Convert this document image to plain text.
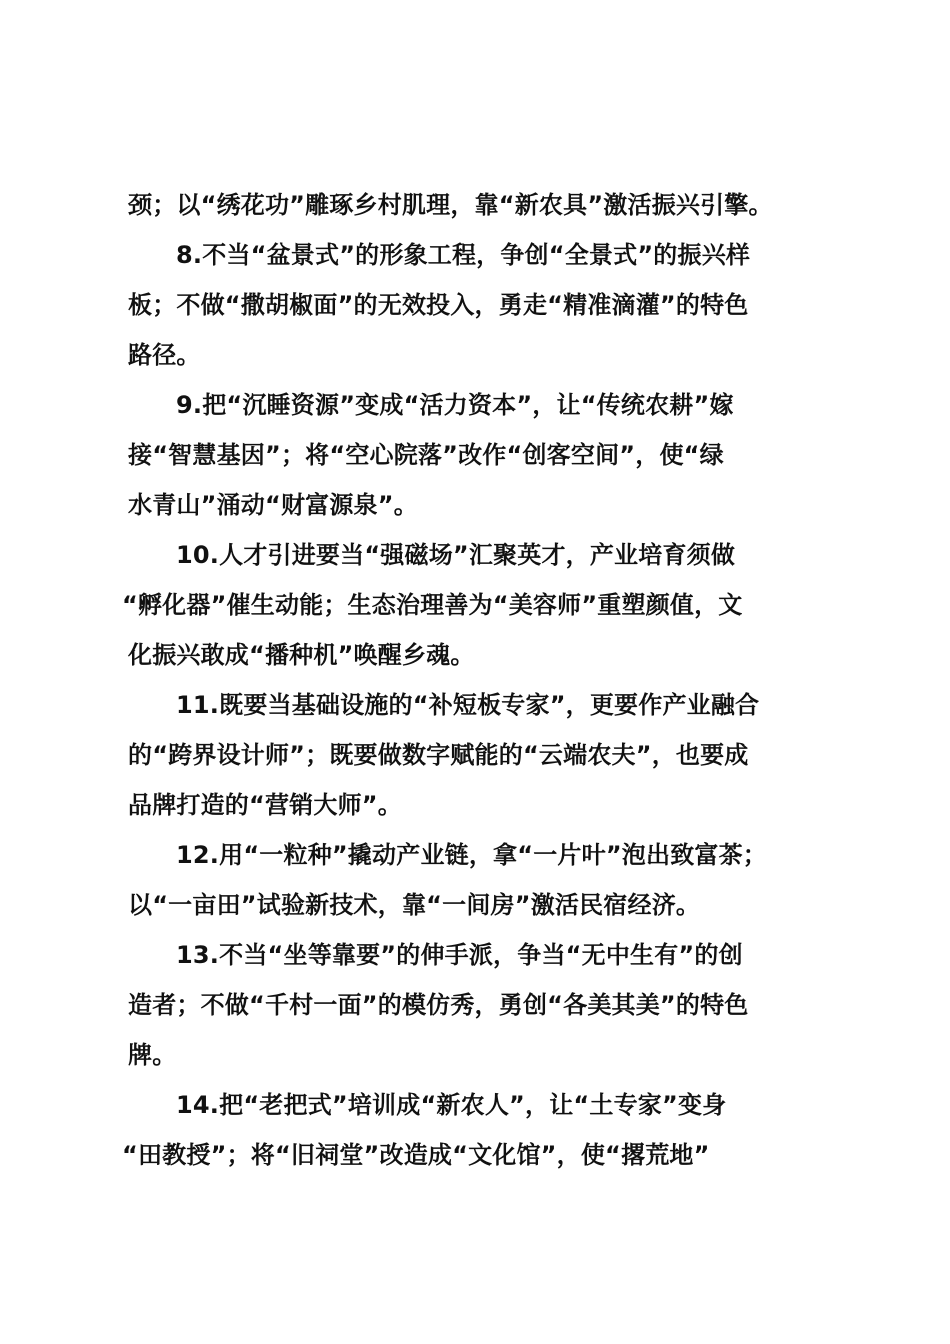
颈；以“绣花功”雕琢乡村肌理，靠“新农具”激活振兴引擎。
8.不当“盆景式”的形象工程，争创“全景式”的振兴样
板；不做“撒胡椒面”的无效投入，勇走“精准滴灌”的特色
路径。
9.把“沉睡资源”变成“活力资本”，让“传统农耕”嫁
接“智慧基因”；将“空心院落”改作“创客空间”，使“绿
水青山”涌动“财富源泉”。
10.人才引进要当“强磁场”汇聚英才，产业培育须做
“孵化器”催生动能；生态治理善为“美容师”重塑颜值，文
化振兴敢成“播种机”唤醒乡魂。
11.既要当基础设施的“补短板专家”，更要作产业融合
的“跨界设计师”；既要做数字赋能的“云端农夫”，也要成
品牌打造的“营销大师”。
12.用“一粒种”撬动产业链，拿“一片叶”泡出致富茶；
以“一亩田”试验新技术，靠“一间房”激活民宿经济。
13.不当“坐等靠要”的伸手派，争当“无中生有”的创
造者；不做“千村一面”的模仿秀，勇创“各美其美”的特色
牌。
14.把“老把式”培训成“新农人”，让“土专家”变身
“田教授”；将“旧祠堂”改造成“文化馆”，使“撂荒地”
